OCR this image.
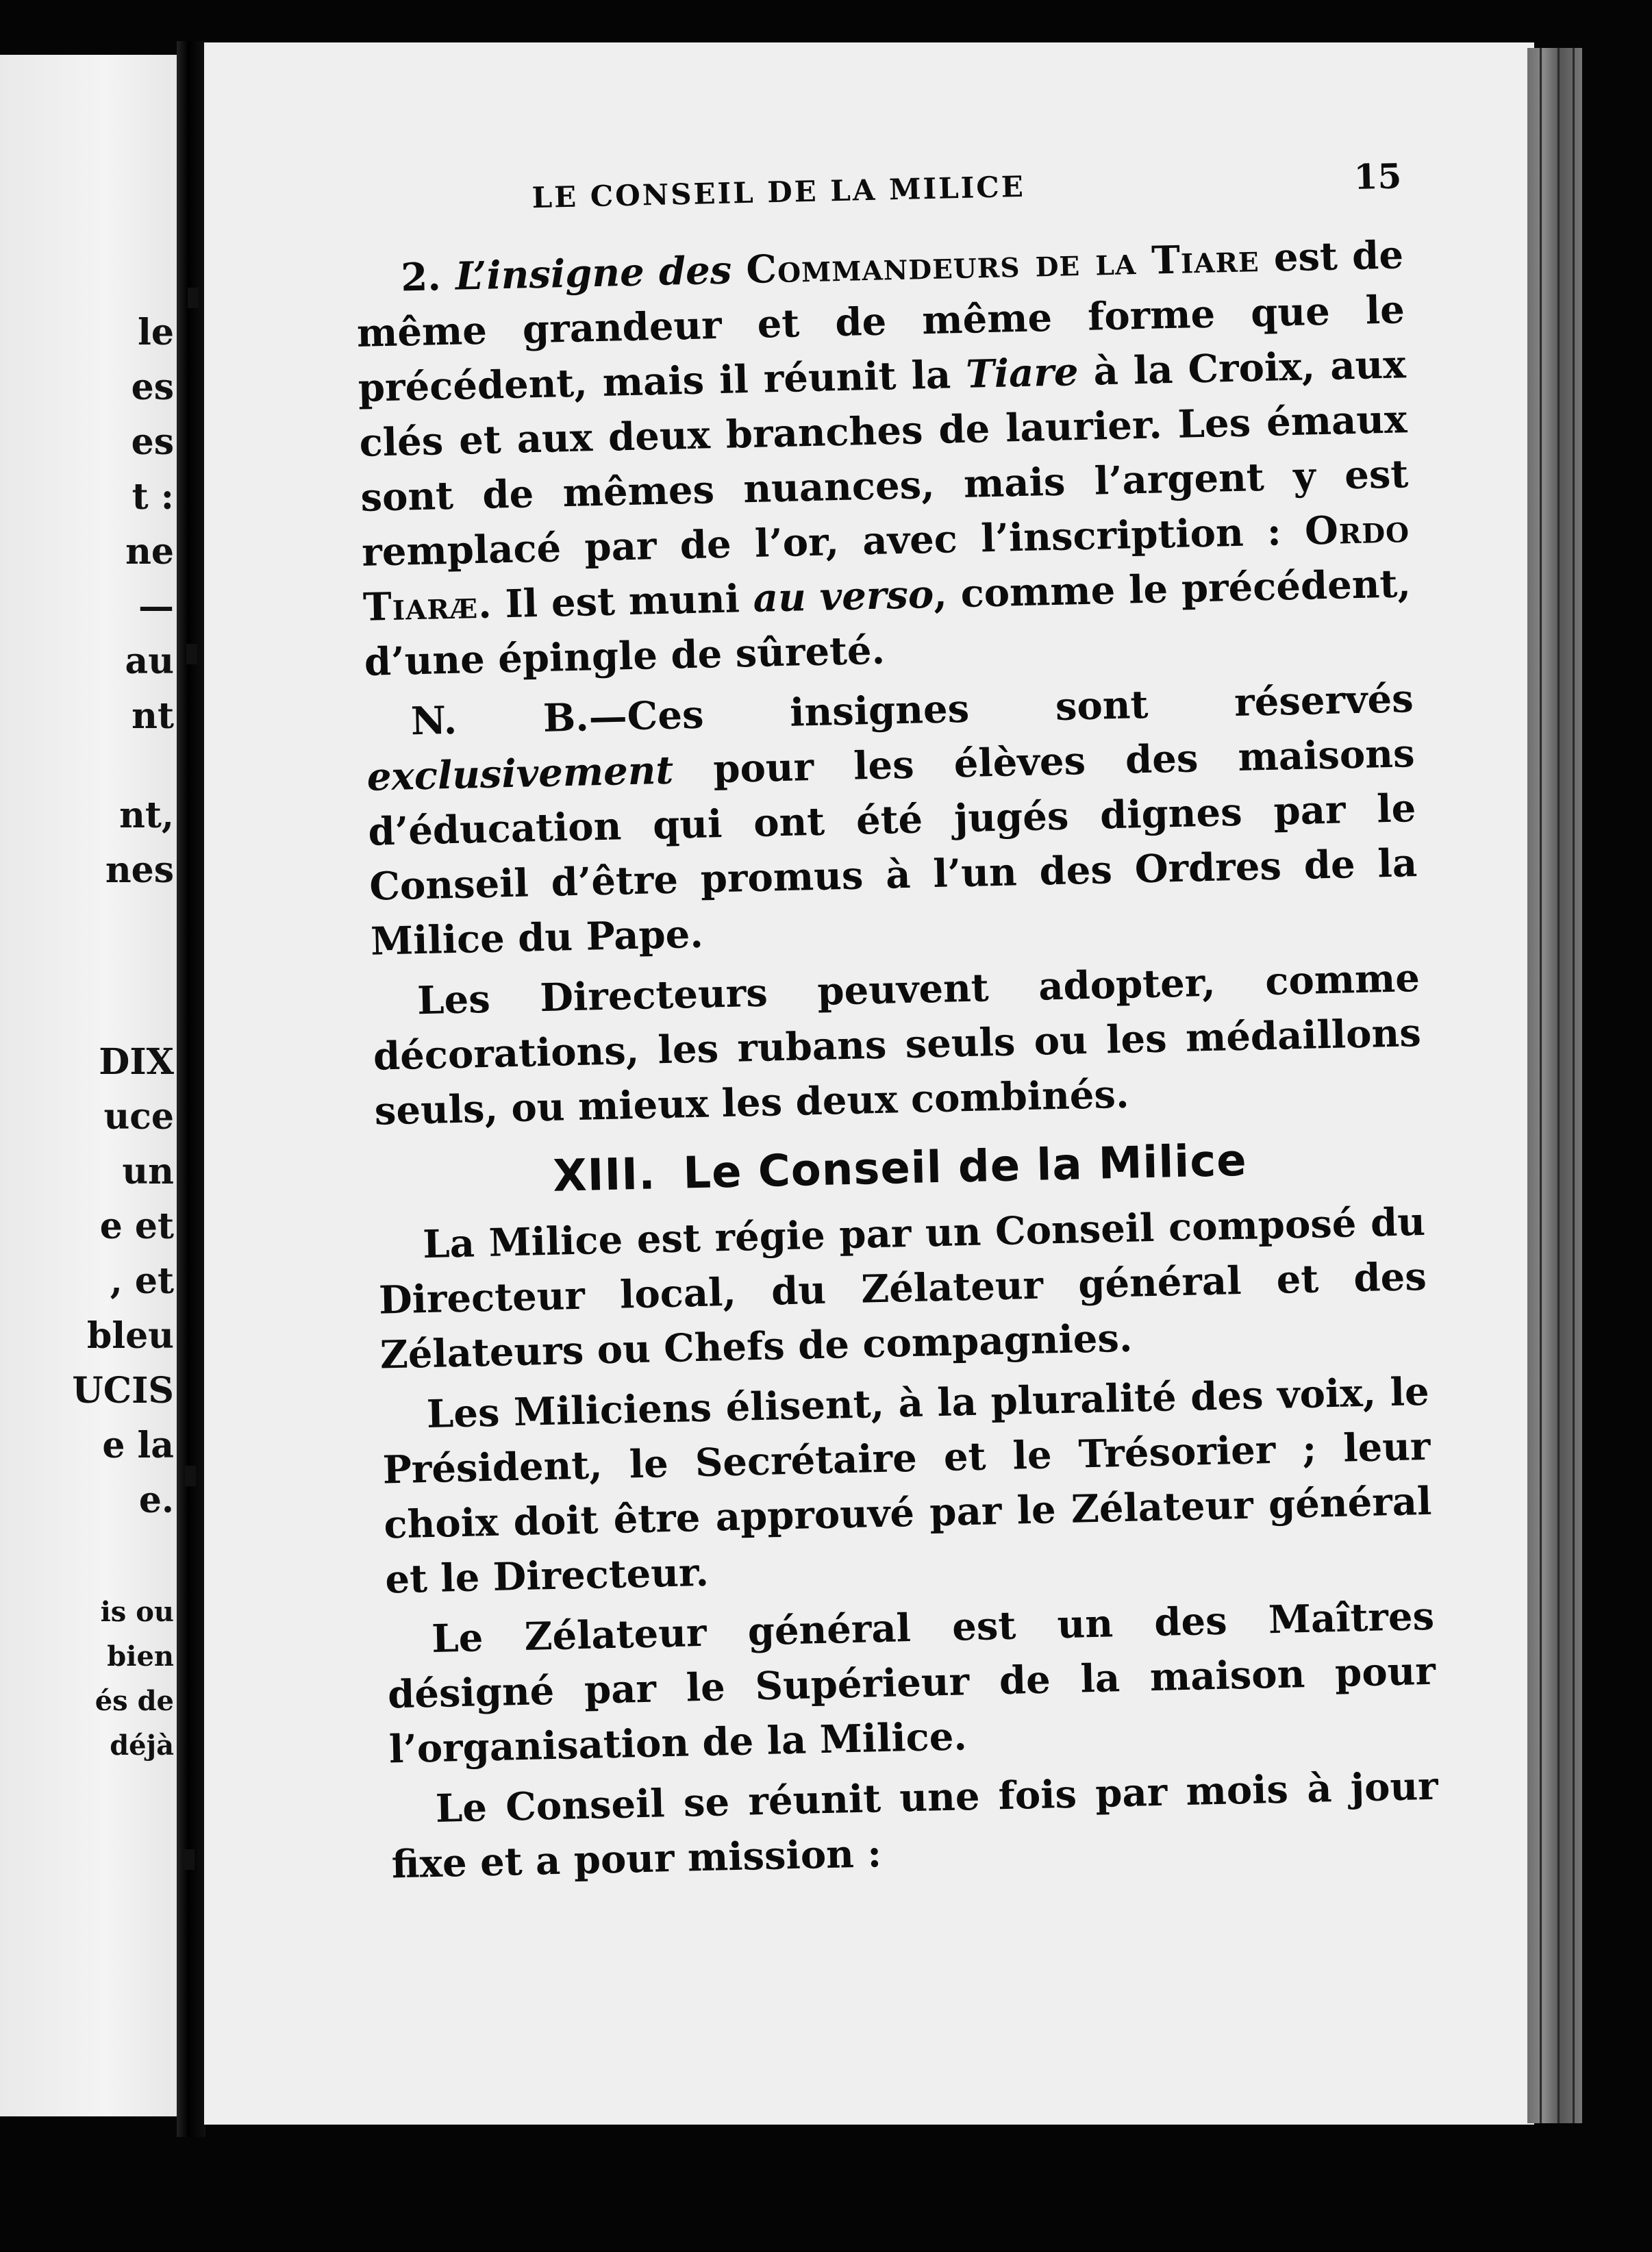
le
es
es
t :
ne
—
au
nt
nt,
nes
DIX
uce
un
e et
, et
bleu
UCIS
e la
e.
is ou
bien
és de
déjà
LE CONSEIL DE LA MILICE	15

2. L’insigne des Commandeurs de la Tiare est de même grandeur et de même forme que le précédent, mais il réunit la Tiare à la Croix, aux clés et aux deux branches de laurier. Les émaux sont de mêmes nuances, mais l’argent y est remplacé par de l’or, avec l’inscription : Ordo Tiaræ. Il est muni au verso, comme le précédent, d’une épingle de sûreté.

N. B.—Ces insignes sont réservés exclusivement pour les élèves des maisons d’éducation qui ont été jugés dignes par le Conseil d’être promus à l’un des Ordres de la Milice du Pape.

Les Directeurs peuvent adopter, comme décorations, les rubans seuls ou les médaillons seuls, ou mieux les deux combinés.

XIII. Le Conseil de la Milice

La Milice est régie par un Conseil composé du Directeur local, du Zélateur général et des Zélateurs ou Chefs de compagnies.

Les Miliciens élisent, à la pluralité des voix, le Président, le Secrétaire et le Trésorier ; leur choix doit être approuvé par le Zélateur général et le Directeur.

Le Zélateur général est un des Maîtres désigné par le Supérieur de la maison pour l’organisation de la Milice.

Le Conseil se réunit une fois par mois à jour fixe et a pour mission :
